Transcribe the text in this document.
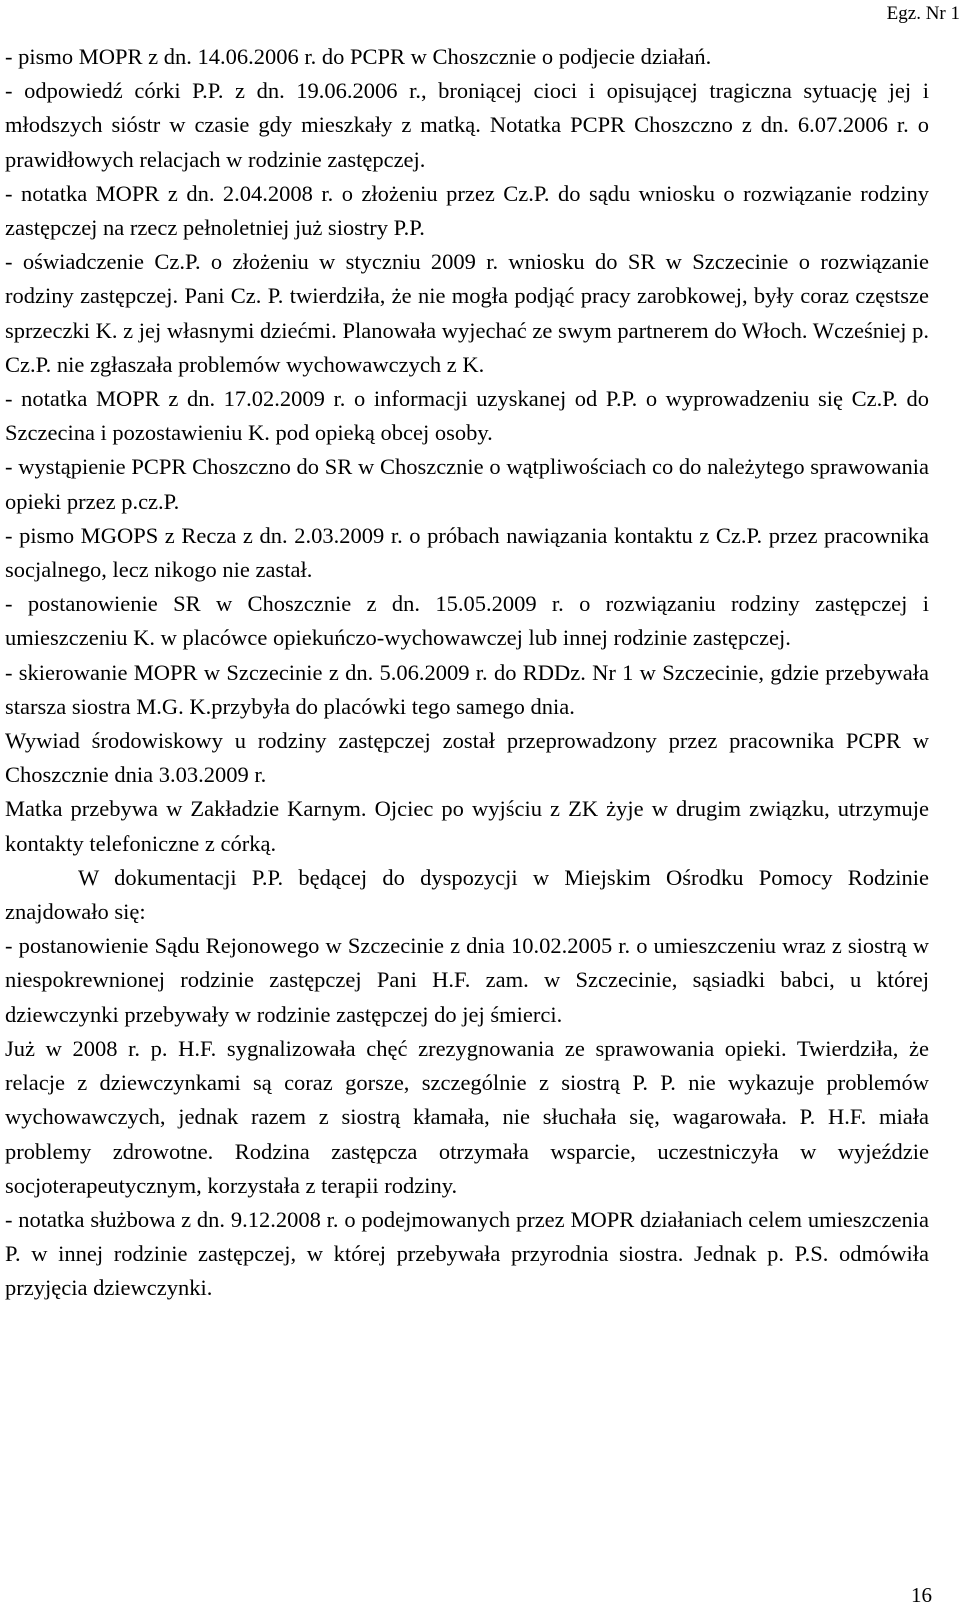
Egz. Nr 1

- pismo MOPR z dn. 14.06.2006 r. do PCPR w Choszcznie o podjecie działań.

- odpowiedź córki P.P. z dn. 19.06.2006 r., broniącej cioci i opisującej tragiczna sytuację jej i młodszych sióstr w czasie gdy mieszkały z matką. Notatka PCPR Choszczno z dn. 6.07.2006 r. o prawidłowych relacjach w rodzinie zastępczej.

- notatka MOPR z dn. 2.04.2008 r. o złożeniu przez Cz.P. do sądu wniosku o rozwiązanie rodziny zastępczej na rzecz pełnoletniej już siostry P.P.

- oświadczenie Cz.P. o złożeniu w styczniu 2009 r. wniosku do SR w Szczecinie o rozwiązanie rodziny zastępczej. Pani Cz. P. twierdziła, że nie mogła podjąć pracy zarobkowej, były coraz częstsze sprzeczki K. z jej własnymi dziećmi. Planowała wyjechać ze swym partnerem do Włoch. Wcześniej p. Cz.P. nie zgłaszała problemów wychowawczych z K.

- notatka MOPR z dn. 17.02.2009 r. o informacji uzyskanej od P.P. o wyprowadzeniu się Cz.P. do Szczecina i pozostawieniu K. pod opieką obcej osoby.

- wystąpienie PCPR Choszczno do SR w Choszcznie o wątpliwościach co do należytego sprawowania opieki przez p.cz.P.

- pismo MGOPS z Recza z dn. 2.03.2009 r. o próbach nawiązania kontaktu z Cz.P. przez pracownika socjalnego, lecz nikogo nie zastał.

- postanowienie SR w Choszcznie z dn. 15.05.2009 r. o rozwiązaniu rodziny zastępczej i umieszczeniu K. w placówce opiekuńczo-wychowawczej lub innej rodzinie zastępczej.

- skierowanie MOPR w Szczecinie z dn. 5.06.2009 r. do RDDz. Nr 1 w Szczecinie, gdzie przebywała starsza siostra M.G. K.przybyła do placówki tego samego dnia.

Wywiad środowiskowy u rodziny zastępczej został przeprowadzony przez pracownika PCPR w Choszcznie dnia 3.03.2009 r.

Matka przebywa w Zakładzie Karnym. Ojciec po wyjściu z ZK żyje w drugim związku, utrzymuje kontakty telefoniczne z córką.

W dokumentacji P.P. będącej do dyspozycji w Miejskim Ośrodku Pomocy Rodzinie znajdowało się:

- postanowienie Sądu Rejonowego w Szczecinie z dnia 10.02.2005 r. o umieszczeniu wraz z siostrą w niespokrewnionej rodzinie zastępczej Pani H.F. zam. w Szczecinie, sąsiadki babci, u której dziewczynki przebywały w rodzinie zastępczej do jej śmierci.

Już w 2008 r. p. H.F. sygnalizowała chęć zrezygnowania ze sprawowania opieki. Twierdziła, że relacje z dziewczynkami są coraz gorsze, szczególnie z siostrą P. P. nie wykazuje problemów wychowawczych, jednak razem z siostrą kłamała, nie słuchała się, wagarowała. P. H.F. miała problemy zdrowotne. Rodzina zastępcza otrzymała wsparcie, uczestniczyła w wyjeździe socjoterapeutycznym, korzystała z terapii rodziny.

- notatka służbowa z dn. 9.12.2008 r. o podejmowanych przez MOPR działaniach celem umieszczenia P. w innej rodzinie zastępczej, w której przebywała przyrodnia siostra. Jednak p. P.S. odmówiła przyjęcia dziewczynki.

16
